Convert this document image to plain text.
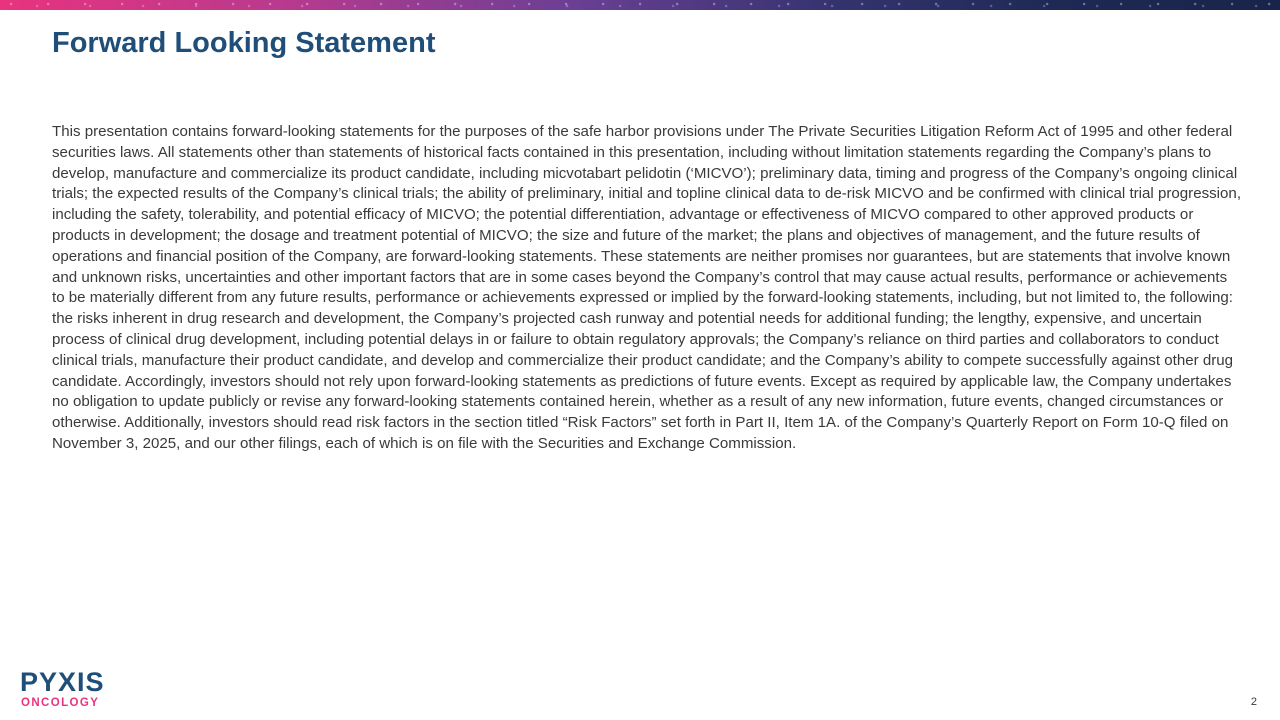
Forward Looking Statement

This presentation contains forward-looking statements for the purposes of the safe harbor provisions under The Private Securities Litigation Reform Act of 1995 and other federal securities laws. All statements other than statements of historical facts contained in this presentation, including without limitation statements regarding the Company’s plans to develop, manufacture and commercialize its product candidate, including micvotabart pelidotin (‘MICVO’); preliminary data, timing and progress of the Company’s ongoing clinical trials; the expected results of the Company’s clinical trials; the ability of preliminary, initial and topline clinical data to de-risk MICVO and be confirmed with clinical trial progression, including the safety, tolerability, and potential efficacy of MICVO; the potential differentiation, advantage or effectiveness of MICVO compared to other approved products or products in development; the dosage and treatment potential of MICVO; the size and future of the market; the plans and objectives of management, and the future results of operations and financial position of the Company, are forward-looking statements. These statements are neither promises nor guarantees, but are statements that involve known and unknown risks, uncertainties and other important factors that are in some cases beyond the Company’s control that may cause actual results, performance or achievements to be materially different from any future results, performance or achievements expressed or implied by the forward-looking statements, including, but not limited to, the following: the risks inherent in drug research and development, the Company’s projected cash runway and potential needs for additional funding; the lengthy, expensive, and uncertain process of clinical drug development, including potential delays in or failure to obtain regulatory approvals; the Company’s reliance on third parties and collaborators to conduct clinical trials, manufacture their product candidate, and develop and commercialize their product candidate; and the Company’s ability to compete successfully against other drug candidate. Accordingly, investors should not rely upon forward-looking statements as predictions of future events. Except as required by applicable law, the Company undertakes no obligation to update publicly or revise any forward-looking statements contained herein, whether as a result of any new information, future events, changed circumstances or otherwise. Additionally, investors should read risk factors in the section titled “Risk Factors” set forth in Part II, Item 1A. of the Company’s Quarterly Report on Form 10-Q filed on November 3, 2025, and our other filings, each of which is on file with the Securities and Exchange Commission.

PYXIS
ONCOLOGY	2
